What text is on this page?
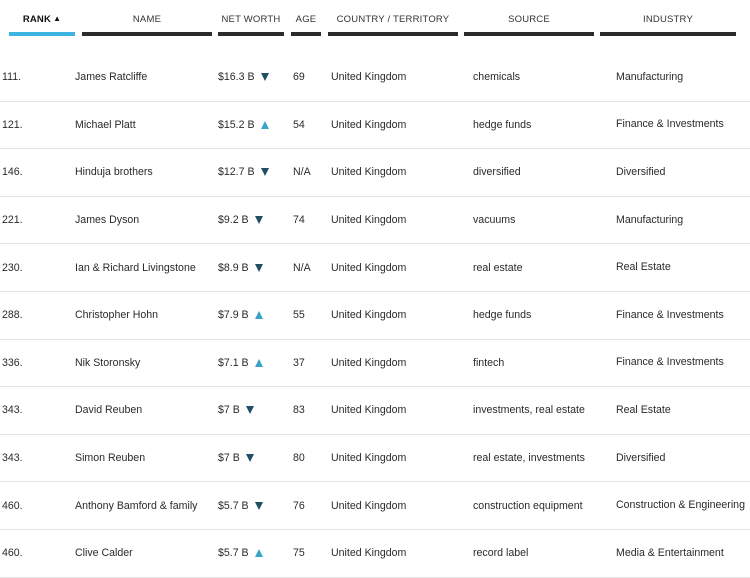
RANK ▲	NAME	NET WORTH	AGE	COUNTRY / TERRITORY	SOURCE	INDUSTRY
111.	James Ratcliffe	$16.3 B	69	United Kingdom	chemicals	Manufacturing
121.	Michael Platt	$15.2 B	54	United Kingdom	hedge funds	Finance & Investments
146.	Hinduja brothers	$12.7 B	N/A	United Kingdom	diversified	Diversified
221.	James Dyson	$9.2 B	74	United Kingdom	vacuums	Manufacturing
230.	Ian & Richard Livingstone	$8.9 B	N/A	United Kingdom	real estate	Real Estate
288.	Christopher Hohn	$7.9 B	55	United Kingdom	hedge funds	Finance & Investments
336.	Nik Storonsky	$7.1 B	37	United Kingdom	fintech	Finance & Investments
343.	David Reuben	$7 B	83	United Kingdom	investments, real estate	Real Estate
343.	Simon Reuben	$7 B	80	United Kingdom	real estate, investments	Diversified
460.	Anthony Bamford & family	$5.7 B	76	United Kingdom	construction equipment	Construction & Engineering
460.	Clive Calder	$5.7 B	75	United Kingdom	record label	Media & Entertainment
